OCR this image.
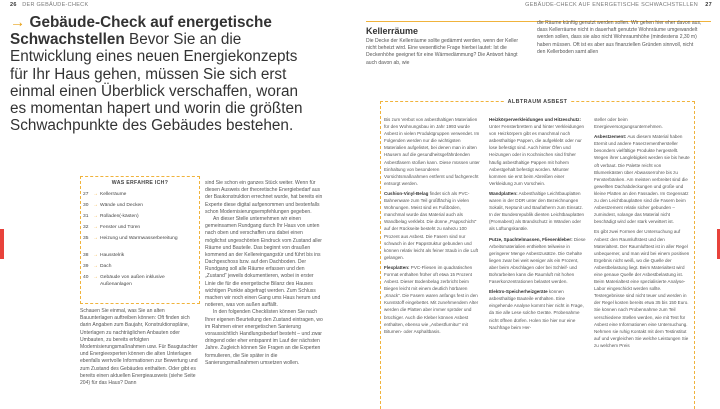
26 DER GEBÄUDE-CHECK	GEBÄUDE-CHECK AUF ENERGETISCHE SCHWACHSTELLEN 27
→ Gebäude-Check auf energetische Schwachstellen Bevor Sie an die Entwicklung eines neuen Energiekonzepts für Ihr Haus gehen, müssen Sie sich erst einmal einen Überblick verschaffen, woran es momentan hapert und worin die größten Schwachpunkte des Gebäudes bestehen.
WAS ERFAHRE ICH?
27 → Kellerräume
30 → Wände und Decken
31 → Rolladen(-kästen)
32 → Fenster und Türen
35 → Heizung und Warmwasserbereitung
38 → Hausstelrik
39 → Dach
40 → Gebäude von außen inklusive Außenanlagen

Schauen Sie einmal, was Sie an alten Bauunterlagen auftreiben können: Oft finden sich darin Angaben zum Baujahr, Konstruktionspläne, Unterlagen zu nachträglichen Anbauten oder Umbauten, zu bereits erfolgten Modernisierungsmaßnahmen usw. Für Baugutachter und Energieexperten können die alten Unterlagen ebenfalls wertvolle Informationen zur Bewertung und zum Zustand des Gebäudes enthalten. Oder gibt es bereits einen aktuellen Energieausweis (siehe Seite 204) für das Haus? Dann

sind Sie schon ein ganzes Stück weiter. Wenn für diesen Ausweis der theoretische Energiebedarf aus der Baukonstruktion errechnet wurde, hat bereits ein Experte diese digital aufgenommen und bestenfalls schon Modernisierungsempfehlungen gegeben.

An dieser Stelle unternehmen wir einen gemeinsamen Rundgang durch Ihr Haus von unten nach oben und verschaffen uns dabei einen möglichst ungeschönten Eindruck vom Zustand aller Räume und Bauteile. Das beginnt von draußen kommend an der Kellereingangstür und führt bis ins Dachgeschoss bzw. auf den Dachboden. Der Rundgang soll alle Räume erfassen und den „Zustand“ jeweils dokumentieren, wobei in erster Linie die für die energetische Bilanz des Hauses wichtigen Punkte abgefragt werden. Zum Schluss machen wir noch einen Gang ums Haus herum und notieren, was von außen auffällt.

In den folgenden Checklisten können Sie nach Ihrer eigenen Beurteilung den Zustand eintragen, wo im Rahmen einer energetischen Sanierung voraussichtlich Handlungsbedarf besteht – und zwar dringend oder eher entspannt im Lauf der nächsten Jahre. Zugleich können Sie Fragen an die Experten formulieren, die Sie später in die Sanierungsmaßnahmen umsetzen wollen.

Kellerräume

Die Decke der Kellerräume sollte gedämmt werden, wenn der Keller nicht beheizt wird. Eine wesentliche Frage hierbei lautet: Ist die Deckenhöhe geeignet für eine Wärmedämmung? Die Antwort hängt auch davon ab, wie

die Räume künftig genutzt werden sollen. Wir gehen hier eher davon aus, dass Kellerräume nicht in dauerhaft genutzte Wohnräume umgewandelt werden sollen, dass sie also nicht Wohnraumhöhe (mindestens 2,30 m) haben müssen. Oft ist es aber aus finanziellen Gründen sinnvoll, nicht den Kellerboden samt allen

ALBTRAUM ASBEST

Bis zum Verbot von asbesthaltigen Materialien für den Wohnungsbau im Jahr 1993 wurde Asbest in vielen Produktgruppen verwendet. Im Folgenden werden nur die wichtigsten Materialien aufgelistet, bei denen man in alten Häusern auf die gesundheitsgefährdenden Asbestfasern stoßen kann. Diese müssen unter Einhaltung von besonderen Vorsichtsmaßnahmen entfernt und fachgerecht entsorgt werden.

Cushion-Vinyl-Belag findet sich als PVC-Bahnenware zum Teil großflächig in vielen Wohnungen. Meist sind es Fußböden, manchmal wurde das Material auch als Wandbelag verklebt. Die dünne „Pappschicht“ auf der Rückseite besteht zu nahezu 100 Prozent aus Asbest. Die Fasern sind nur schwach in der Pappstruktur gebunden und können relativ leicht als feiner Staub in die Luft gelangen.

Flexplatten: PVC-Fliesen im quadratischen Format enthalten früher oft etwa 15 Prozent Asbest. Dieser Bodenbelag zerbricht beim Biegen leicht mit einem deutlich hörbaren „Knack“. Die Fasern waren anfangs fest in den Kunststoff eingebettet. Mit zunehmendem Alter werden die Platten aber immer spröder und brüchiger. Auch die Kleber können Asbest enthalten, ebenso wie „Asbestfurnitur“ mit Bitumen- oder Asphaltbasis.

Heizkörperverkleidungen und Hitzeschutz: Unter Fensterbrettern und hinter Verkleidungen von Heizkörpern gibt es manchmal noch asbesthaltige Pappen, die aufgeklebt oder nur lose befestigt sind. Auch hinter Öfen und Heizungen oder in Kochnischen sind früher häufig asbesthaltige Pappen mit hohem Asbestgehalt befestigt worden. Mitunter kommen sie erst beim Abreißen einer Verkleidung zum Vorschein.

Wandplatten: Asbesthaltige Leichtbauplatten waren in der DDR unter den Bezeichnungen Sokalit, Neptunit und Baufatherm zum Einsatz. In der Bundesrepublik dienten Leichtbauplatten (Promabest) als Brandschutz in Wänden oder als Lüftungskanäle.

Putze, Spachtelmassen, Fliesenkleber: Diese Arbeitsmaterialien enthielten teilweise in geringerer Menge Asbestzusätze. Die Gehalte liegen zwar bei weit weniger als ein Prozent, aber beim Abschlagen oder bei Schleif- und Bohrarbeiten kann die Raumluft mit hohen Faserkonzentrationen belastet werden.

Elektro-Speicherheizgeräte können asbesthaltige Bauteile enthalten. Eine eingehende Analyse kommt hier nicht in Frage, da Sie alle Lese solche Geräte. Probenahme nicht öffnen dürfen. Holen Sie hier nur eine Nachfrage beim Her-

steller oder beim Energieversorgungsunternehmen.

Asbestzement: Aus diesem Material haben Eternit und andere Faserzementhersteller besonders vielfältige Produkte hergestellt. Wegen ihrer Langlebigkeit werden sie bis heute oft verbaut. Die Palette reicht von Blumenkästen über Abwasserrohre bis zu Fensterbänken. Am meisten verbreitet sind die gewellten Dachabdeckungen und große und kleine Platten an den Fassaden. Im Gegensatz zu den Leichtbauplatten sind die Fasern beim Asbestzement relativ sicher gebunden – zumindest, solange das Material nicht beschädigt wird oder stark verwittert ist.

Es gibt zwei Formen der Untersuchung auf Asbest: den Raumluftstest und den Materialtest. Der Raumlufttest ist in aller Regel unbequemer, und man wird bei einem positiven Ergebnis nicht weiß, wo die Quelle der Asbestbelastung liegt. Beim Materialtest wird eine genaue Quelle der Asbestbelastung ist. Beim Materialtest eine spezialisierte Analyse-Labor eingeschickt werden sollte. Testergebnisse sind nicht teuer und werden in der Regel kosten bereits etwa 35 bis 150 Euro. Sie können nach Probennahme zum Teil verschiedene Stellen werden, wie mit Test für Asbest eine Informationen eine Untersuchung. Nehmen sie ruhig Kontakt mit dem Testinstitut auf und vergleichen Sie welche Leistungen Sie zu welchem Preis
